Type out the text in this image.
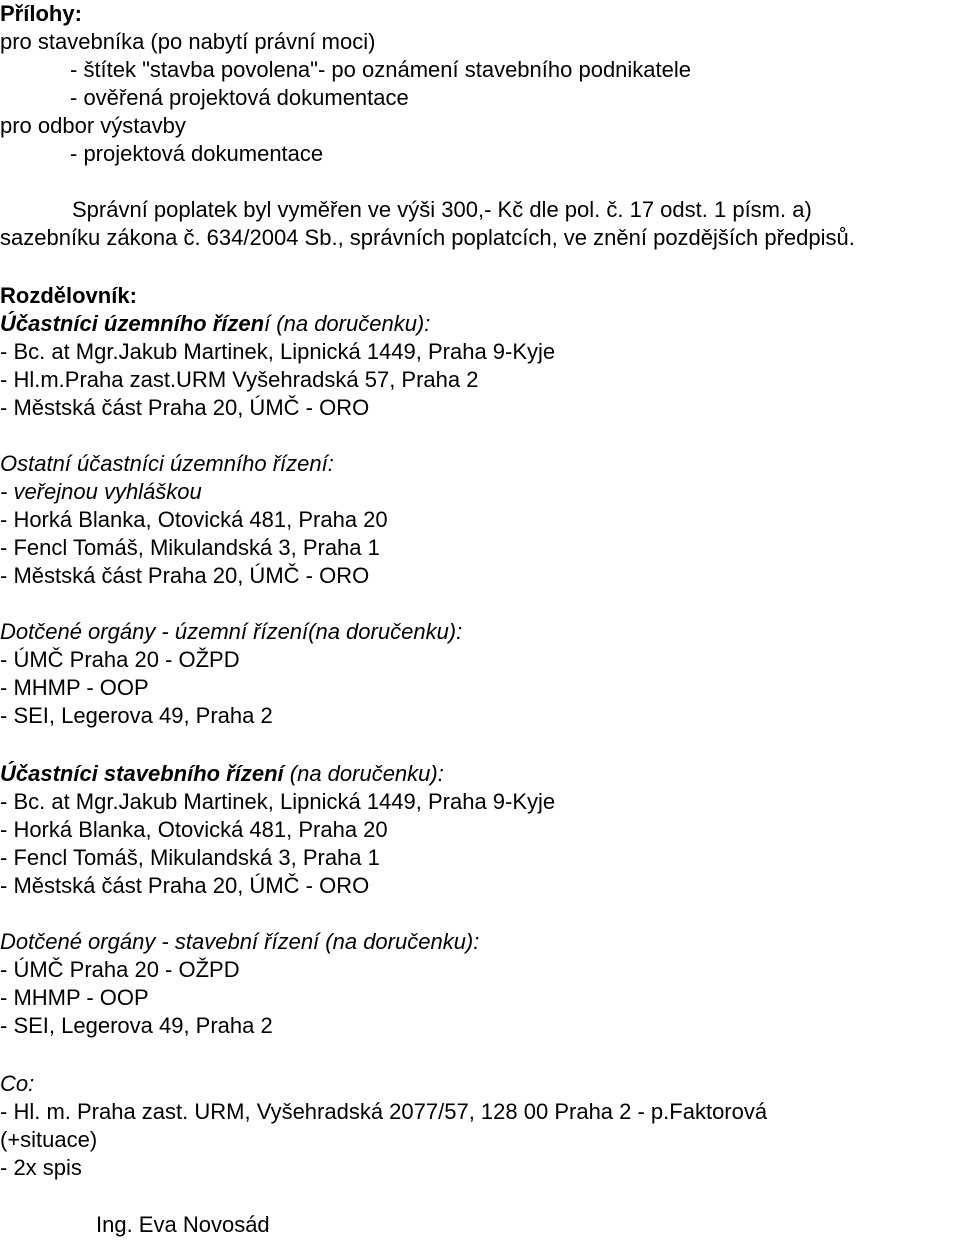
Přílohy:
pro stavebníka (po nabytí právní moci)
- štítek "stavba povolena"- po oznámení stavebního podnikatele
- ověřená projektová dokumentace
pro odbor výstavby
- projektová dokumentace
Správní poplatek byl vyměřen ve výši 300,- Kč dle pol. č. 17 odst. 1 písm. a)
sazebníku zákona č. 634/2004 Sb., správních poplatcích, ve znění pozdějších předpisů.
Rozdělovník:
Účastníci územního řízení (na doručenku):
- Bc. at Mgr.Jakub Martinek, Lipnická 1449, Praha 9-Kyje
- Hl.m.Praha zast.URM Vyšehradská 57, Praha 2
- Městská část Praha 20, ÚMČ - ORO
Ostatní účastníci územního řízení:
- veřejnou vyhláškou
- Horká Blanka, Otovická 481, Praha 20
- Fencl Tomáš, Mikulandská 3, Praha 1
- Městská část Praha 20, ÚMČ - ORO
Dotčené orgány - územní řízení(na doručenku):
- ÚMČ Praha 20 - OŽPD
- MHMP - OOP
- SEI, Legerova 49, Praha 2
Účastníci stavebního řízení (na doručenku):
- Bc. at Mgr.Jakub Martinek, Lipnická 1449, Praha 9-Kyje
- Horká Blanka, Otovická 481, Praha 20
- Fencl Tomáš, Mikulandská 3, Praha 1
- Městská část Praha 20, ÚMČ - ORO
Dotčené orgány - stavební řízení (na doručenku):
- ÚMČ Praha 20 - OŽPD
- MHMP - OOP
- SEI, Legerova 49, Praha 2
Co:
- Hl. m. Praha zast. URM, Vyšehradská 2077/57, 128 00 Praha 2 - p.Faktorová
(+situace)
- 2x spis
Ing. Eva Novosád
